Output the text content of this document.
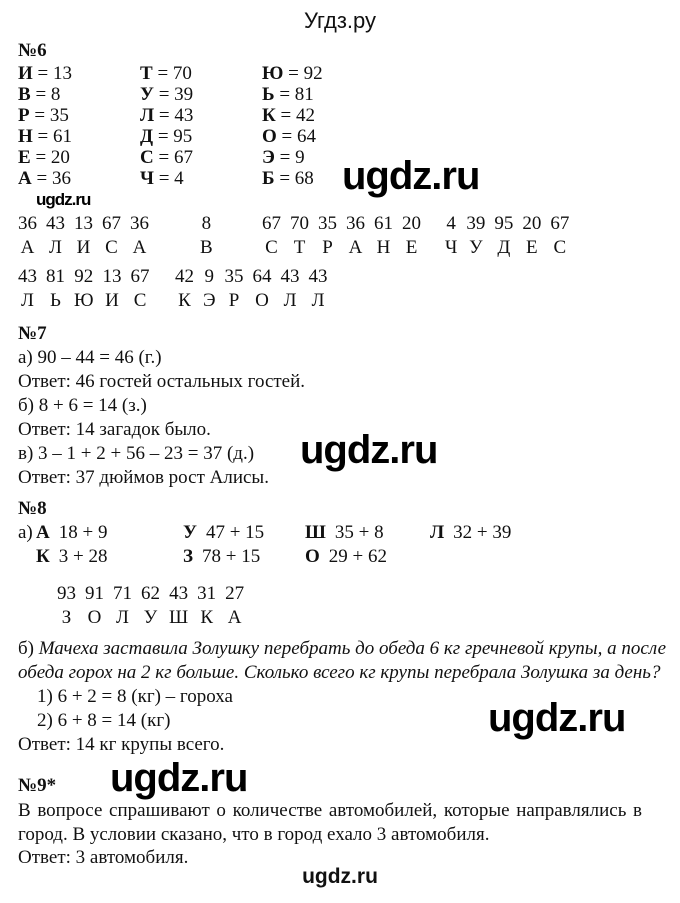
Угдз.ру
№6
И = 13
В = 8
Р = 35
Н = 61
Е = 20
А = 36
Т = 70
У = 39
Л = 43
Д = 95
С = 67
Ч = 4
Ю = 92
Ь = 81
К = 42
О = 64
Э = 9
Б = 68 ugdz.ru
ugdz.ru
36
А
43
Л
13
И
67
С
36
А
8
В
67
С
70
Т
35
Р
36
А
61
Н
20
Е
4
Ч
39
У
95
Д
20
Е
67
С
43
Л
81
Ь
92
Ю
13
И
67
С
42
К
9
Э
35
Р
64
О
43
Л
43
Л
№7
а) 90 – 44 = 46 (г.)
Ответ: 46 гостей остальных гостей.
б) 8 + 6 = 14 (з.)
Ответ: 14 загадок было.
в) 3 – 1 + 2 + 56 – 23 = 37 (д.)
Ответ: 37 дюймов рост Алисы.
ugdz.ru
№8
а) А 18 + 9	У 47 + 15 Ш 35 + 8 Л 32 + 39
К 3 + 28	З 78 + 15 О 29 + 62
93
З
91
О
71
Л
62
У
43
Ш
31
К
27
А
б) Мачеха заставила Золушку перебрать до обеда 6 кг гречневой крупы, а после
обеда горох на 2 кг больше. Сколько всего кг крупы перебрала Золушка за день?
1) 6 + 2 = 8 (кг) – гороха
2) 6 + 8 = 14 (кг)
Ответ: 14 кг крупы всего.
ugdz.ru
ugdz.ru
№9*
В вопросе спрашивают о количестве автомобилей, которые направлялись в
город. В условии сказано, что в город ехало 3 автомобиля.
Ответ: 3 автомобиля.
ugdz.ru
